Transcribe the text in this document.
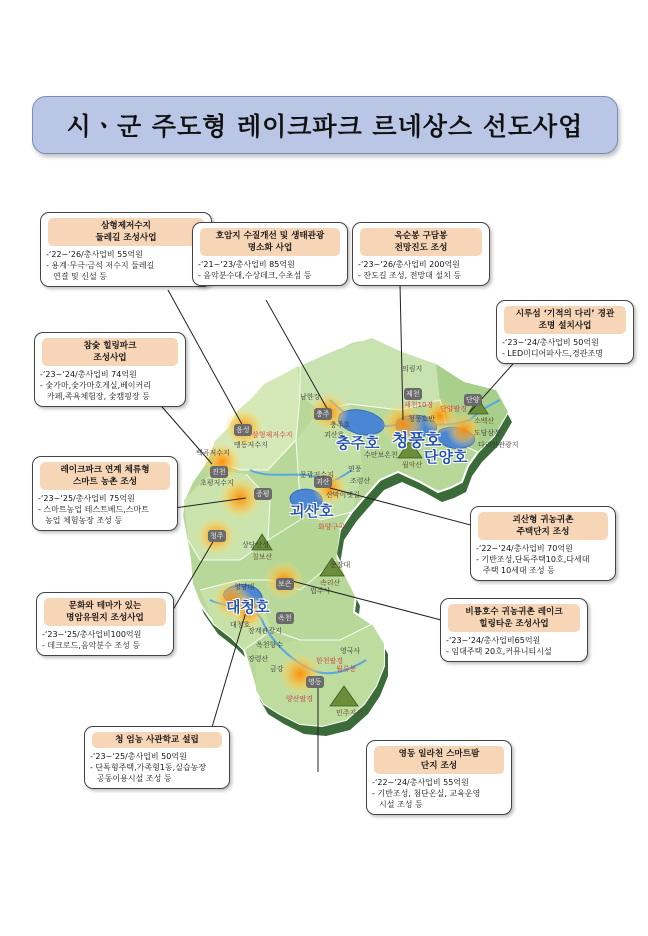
시ㆍ군 주도형 레이크파크 르네상스 선도사업
삼형제저수지
둘레길 조성사업
-‘22~‘26/총사업비 55억원
- 용계·무극·금석 저수지 둘레길
연결 및 신설 등
호암지 수질개선 및 생태관광
명소화 사업
-‘21~‘23/총사업비 85억원
- 음악분수대,수상데크,수초섬 등
옥순봉 구담봉
전망진도 조성
-‘23~‘26/총사업비 200억원
- 잔도길 조성, 전망대 설치 등
시루섬 ‘기적의 다리’ 경관
조명 설치사업
-‘23~‘24/총사업비 50억원
- LED미디어파사드,경관조명
참숯 힐링파크
조성사업
-‘23~‘24/총사업비 74억원
- 숯가마,숯가마호게실,베이커리
카페,족욕체험장, 숯캠핑장 등
레이크파크 연계 체류형
스마트 농촌 조성
-‘23~‘25/총사업비 75억원
- 스마트농업 테스트베드,스마트
농업 체험농장 조성 등	괴산형 귀농귀촌
주택단지 조성
-‘22~‘24/총사업비 70억원
- 기반조성,단독주택10호,다세대
주택 10세대 조성 등
문화와 테마가 있는
명암유원지 조성사업
-‘23~‘25/총사업비100억원
- 데크로드,음악분수 조성 등
비룡호수 귀농귀촌 레이크
힐링타운 조성사업
-‘23~‘24/총사업비65억원
- 임대주택 20호,커뮤니티시설
청 엄농 사관학교 설립
-‘23~‘25/총사업비 50억원
- 단독형주택,가족형1동,실습농장
공동이용시설 조성 등
영동 일라천 스마트팜
단지 조성
-‘22~‘24/총사업비 55억원
- 기반조성, 첨단온실, 교육운영
시설 조성 등
충주호 청풍호
단양호
괴산호
대청호
제천
단양
충주
음성
진천
증평
괴산
청주
보은
옥천
영동
월악산
소백산
칠보산
속리산
민주지산
의림지
충주호
남한강
제천10경 단양팔경
청풍호반
수안보온천
다리안관광지
도담삼봉
백곡저수지
초평저수지
삼형제저수지
맹동저수지
조령산
산막이옛길
문광저수지
괴산호
연풍
화양구곡
청남대
대청호
상당산성
문장대
법주사
옥천향수
장령산	한천팔경
양산팔경
월류봉
금강
장계관광지
영국사
